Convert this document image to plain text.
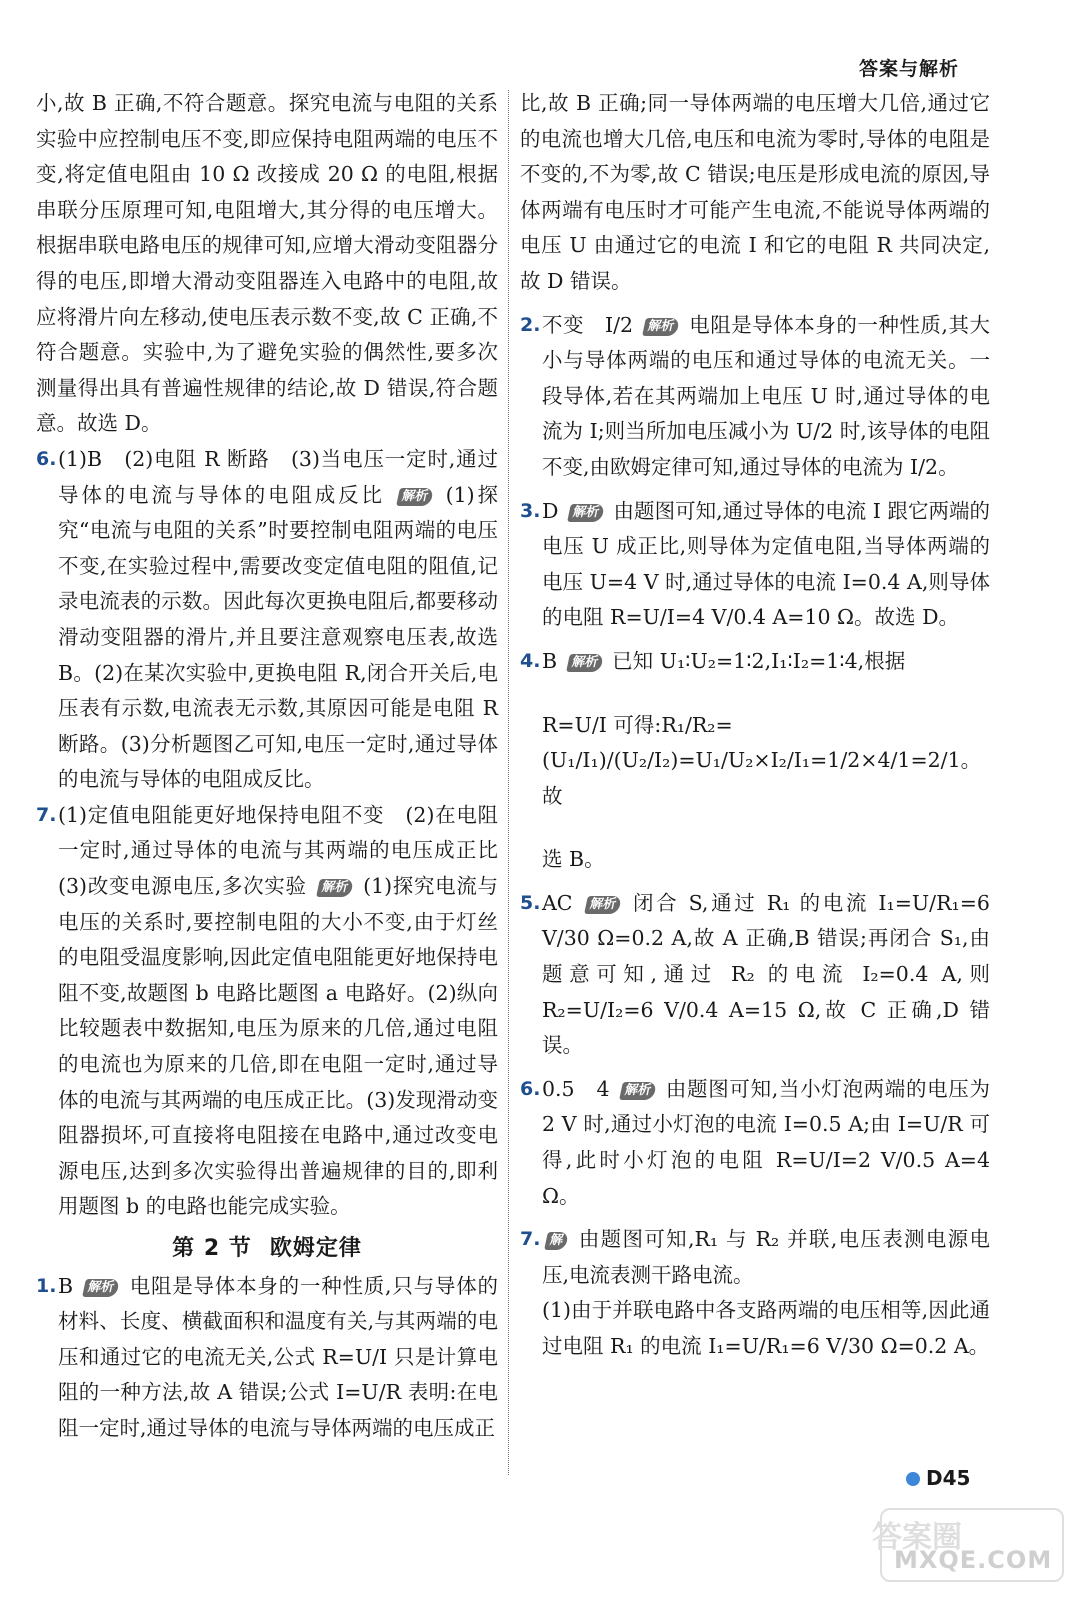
答案与解析

小,故 B 正确,不符合题意。探究电流与电阻的关系实验中应控制电压不变,即应保持电阻两端的电压不变,将定值电阻由 10 Ω 改接成 20 Ω 的电阻,根据串联分压原理可知,电阻增大,其分得的电压增大。根据串联电路电压的规律可知,应增大滑动变阻器分得的电压,即增大滑动变阻器连入电路中的电阻,故应将滑片向左移动,使电压表示数不变,故 C 正确,不符合题意。实验中,为了避免实验的偶然性,要多次测量得出具有普遍性规律的结论,故 D 错误,符合题意。故选 D。

6. (1)B　(2)电阻 R 断路　(3)当电压一定时,通过导体的电流与导体的电阻成反比 解析 (1)探究“电流与电阻的关系”时要控制电阻两端的电压不变,在实验过程中,需要改变定值电阻的阻值,记录电流表的示数。因此每次更换电阻后,都要移动滑动变阻器的滑片,并且要注意观察电压表,故选 B。(2)在某次实验中,更换电阻 R,闭合开关后,电压表有示数,电流表无示数,其原因可能是电阻 R 断路。(3)分析题图乙可知,电压一定时,通过导体的电流与导体的电阻成反比。

7. (1)定值电阻能更好地保持电阻不变　(2)在电阻一定时,通过导体的电流与其两端的电压成正比　(3)改变电源电压,多次实验 解析 (1)探究电流与电压的关系时,要控制电阻的大小不变,由于灯丝的电阻受温度影响,因此定值电阻能更好地保持电阻不变,故题图 b 电路比题图 a 电路好。(2)纵向比较题表中数据知,电压为原来的几倍,通过电阻的电流也为原来的几倍,即在电阻一定时,通过导体的电流与其两端的电压成正比。(3)发现滑动变阻器损坏,可直接将电阻接在电路中,通过改变电源电压,达到多次实验得出普遍规律的目的,即利用题图 b 的电路也能完成实验。

第 2 节 欧姆定律

1. B 解析 电阻是导体本身的一种性质,只与导体的材料、长度、横截面积和温度有关,与其两端的电压和通过它的电流无关,公式 R=U/I 只是计算电阻的一种方法,故 A 错误;公式 I=U/R 表明:在电阻一定时,通过导体的电流与导体两端的电压成正

比,故 B 正确;同一导体两端的电压增大几倍,通过它的电流也增大几倍,电压和电流为零时,导体的电阻是不变的,不为零,故 C 错误;电压是形成电流的原因,导体两端有电压时才可能产生电流,不能说导体两端的电压 U 由通过它的电流 I 和它的电阻 R 共同决定,故 D 错误。

2. 不变　I/2 解析 电阻是导体本身的一种性质,其大小与导体两端的电压和通过导体的电流无关。一段导体,若在其两端加上电压 U 时,通过导体的电流为 I;则当所加电压减小为 U/2 时,该导体的电阻不变,由欧姆定律可知,通过导体的电流为 I/2。

3. D 解析 由题图可知,通过导体的电流 I 跟它两端的电压 U 成正比,则导体为定值电阻,当导体两端的电压 U=4 V 时,通过导体的电流 I=0.4 A,则导体的电阻 R=U/I=4 V/0.4 A=10 Ω。故选 D。

4. B 解析 已知 U₁∶U₂=1∶2,I₁∶I₂=1∶4,根据

R=U/I 可得:R₁/R₂=(U₁/I₁)/(U₂/I₂)=U₁/U₂×I₂/I₁=1/2×4/1=2/1。故

选 B。

5. AC 解析 闭合 S,通过 R₁ 的电流 I₁=U/R₁=6 V/30 Ω=0.2 A,故 A 正确,B 错误;再闭合 S₁,由题意可知,通过 R₂ 的电流 I₂=0.4 A,则 R₂=U/I₂=6 V/0.4 A=15 Ω,故 C 正确,D 错误。

6. 0.5　4 解析 由题图可知,当小灯泡两端的电压为 2 V 时,通过小灯泡的电流 I=0.5 A;由 I=U/R 可得,此时小灯泡的电阻 R=U/I=2 V/0.5 A=4 Ω。

7. 解 由题图可知,R₁ 与 R₂ 并联,电压表测电源电压,电流表测干路电流。

(1)由于并联电路中各支路两端的电压相等,因此通过电阻 R₁ 的电流 I₁=U/R₁=6 V/30 Ω=0.2 A。

D45
答案圈
MXQE.COM
